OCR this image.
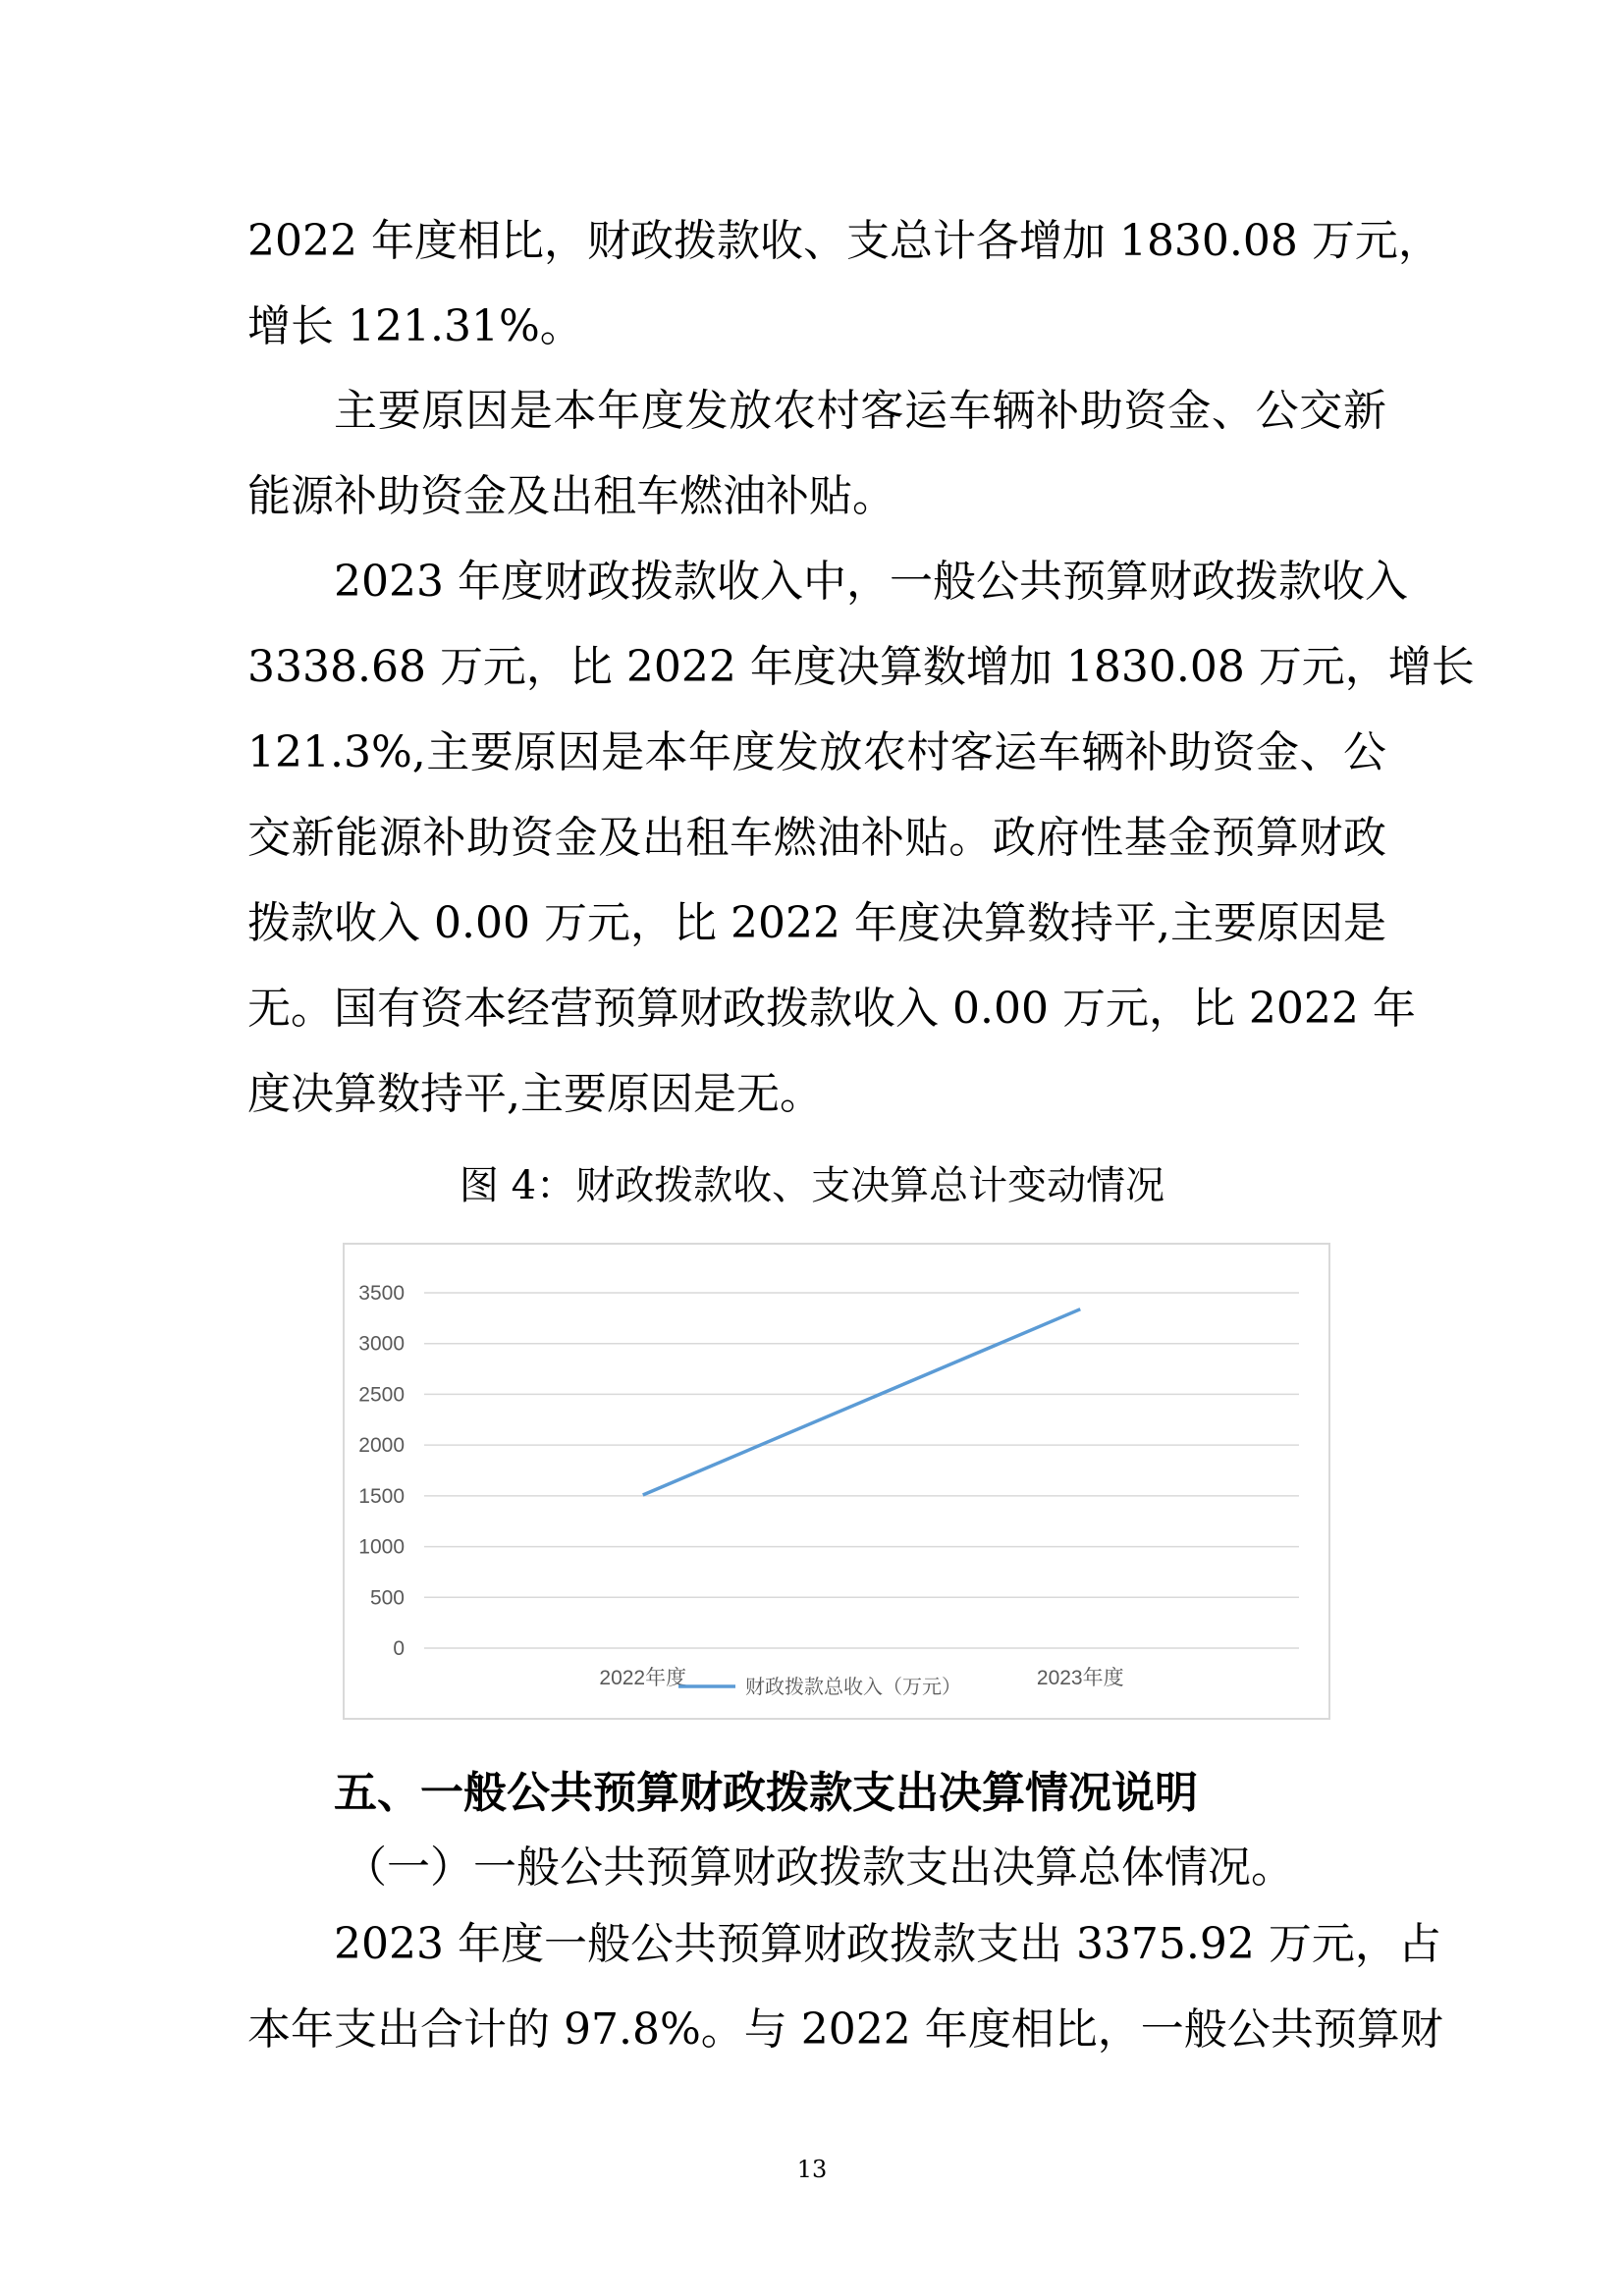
2022 年度相比，财政拨款收、支总计各增加 1830.08 万元，
增长 121.31%。
主要原因是本年度发放农村客运车辆补助资金、公交新
能源补助资金及出租车燃油补贴。
2023 年度财政拨款收入中，一般公共预算财政拨款收入
3338.68 万元，比 2022 年度决算数增加 1830.08 万元，增长
121.3%,主要原因是本年度发放农村客运车辆补助资金、公
交新能源补助资金及出租车燃油补贴。政府性基金预算财政
拨款收入 0.00 万元，比 2022 年度决算数持平,主要原因是
无。国有资本经营预算财政拨款收入 0.00 万元，比 2022 年
度决算数持平,主要原因是无。
图 4：财政拨款收、支决算总计变动情况
0
500
1000
1500
2000
2500
3000
3500
2022年度	2023年度
财政拨款总收入（万元）
五、一般公共预算财政拨款支出决算情况说明
（一）一般公共预算财政拨款支出决算总体情况。
2023 年度一般公共预算财政拨款支出 3375.92 万元，占
本年支出合计的 97.8%。与 2022 年度相比，一般公共预算财
13
